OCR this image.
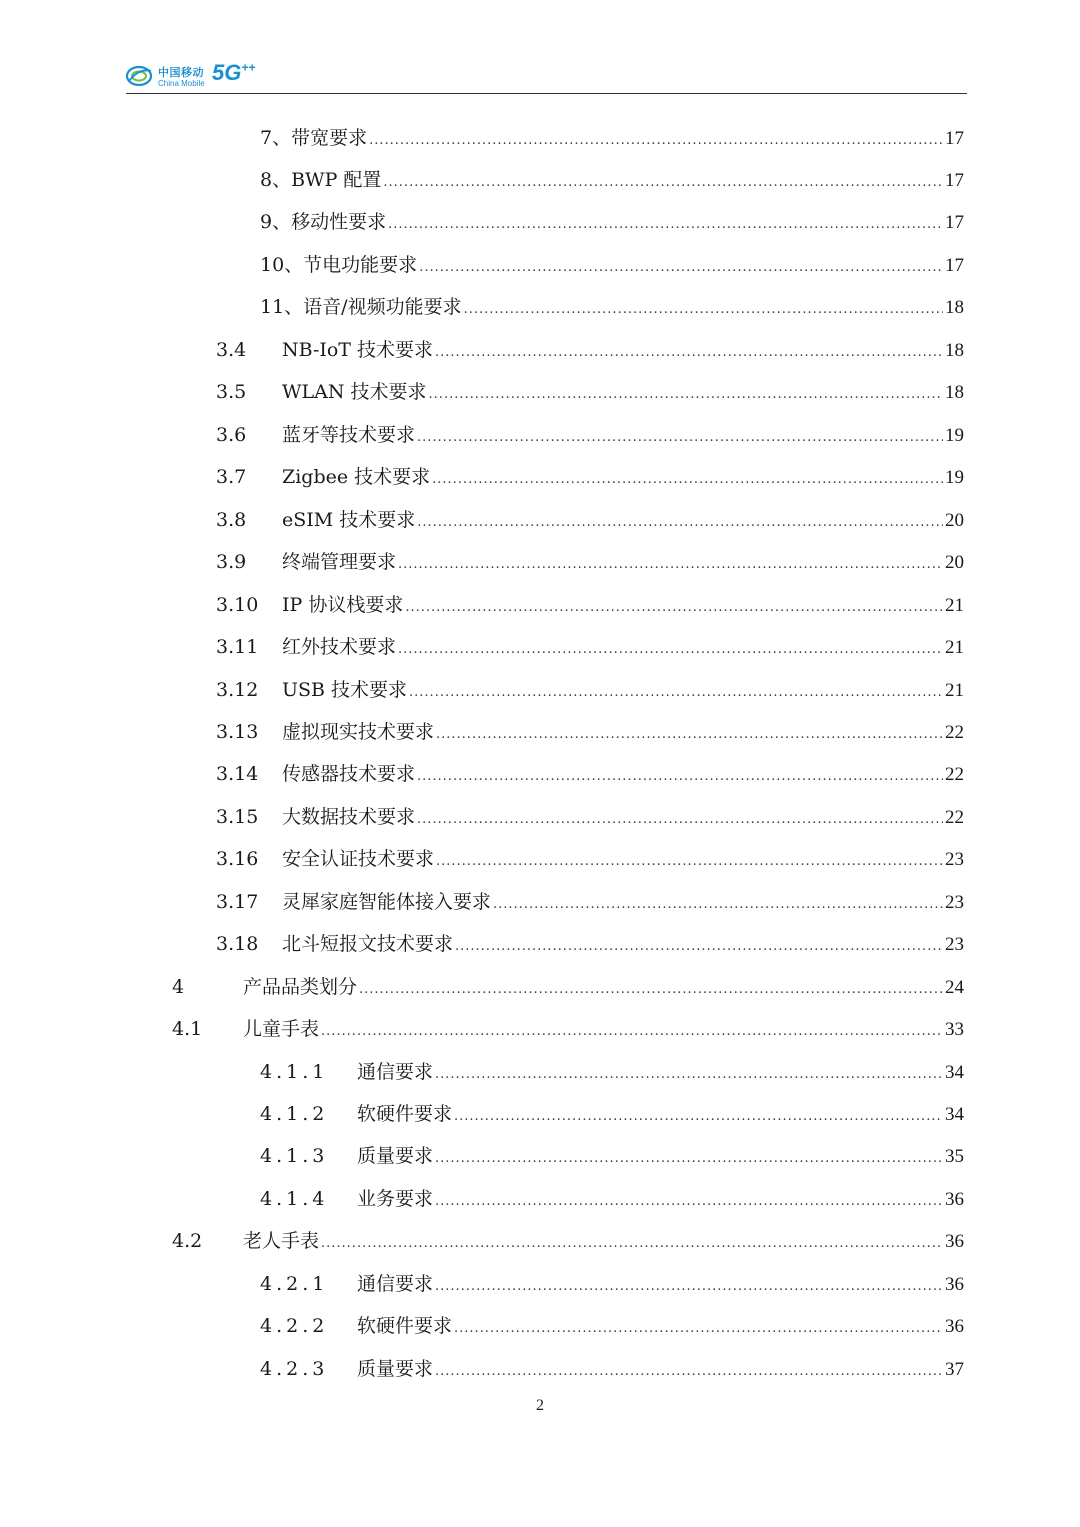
中国移动
China Mobile 5G++
7、带宽要求 .....	17
8、BWP 配置 .....	17
9、移动性要求 .....	17
10、节电功能要求 .....	17
11、语音/视频功能要求 .....	18
3.4 NB-IoT 技术要求 .....	18
3.5 WLAN 技术要求 .....	18
3.6 蓝牙等技术要求 .....	19
3.7 Zigbee 技术要求 .....	19
3.8 eSIM 技术要求 .....	20
3.9 终端管理要求 .....	20
3.10 IP 协议栈要求 .....	21
3.11 红外技术要求 .....	21
3.12 USB 技术要求 .....	21
3.13 虚拟现实技术要求 .....	22
3.14 传感器技术要求 .....	22
3.15 大数据技术要求 .....	22
3.16 安全认证技术要求 .....	23
3.17 灵犀家庭智能体接入要求 .....	23
3.18 北斗短报文技术要求 .....	23
4	产品品类划分 .....	24
4.1 儿童手表 .....	33
4.1.1 通信要求 .....	34
4.1.2 软硬件要求 .....	34
4.1.3 质量要求 .....	35
4.1.4 业务要求 .....	36
4.2 老人手表 .....	36
4.2.1 通信要求 .....	36
4.2.2 软硬件要求 .....	36
4.2.3 质量要求 .....	37
2
